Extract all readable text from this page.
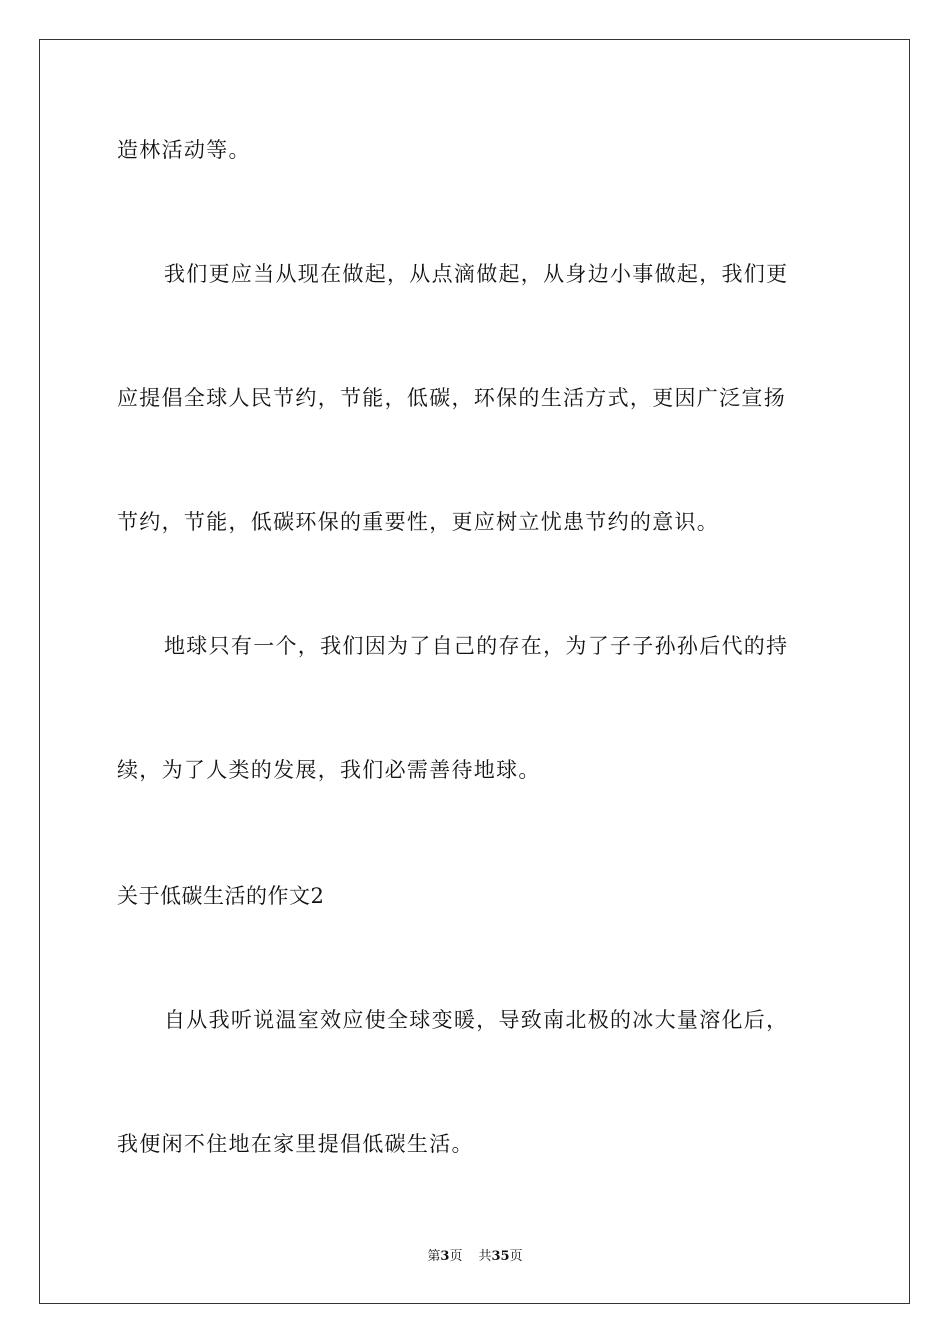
造林活动等。
我们更应当从现在做起，从点滴做起，从身边小事做起，我们更
应提倡全球人民节约，节能，低碳，环保的生活方式，更因广泛宣扬
节约，节能，低碳环保的重要性，更应树立忧患节约的意识。
地球只有一个，我们因为了自己的存在，为了子子孙孙后代的持
续，为了人类的发展，我们必需善待地球。
关于低碳生活的作文2
自从我听说温室效应使全球变暖，导致南北极的冰大量溶化后，
我便闲不住地在家里提倡低碳生活。
第3页 共35页
